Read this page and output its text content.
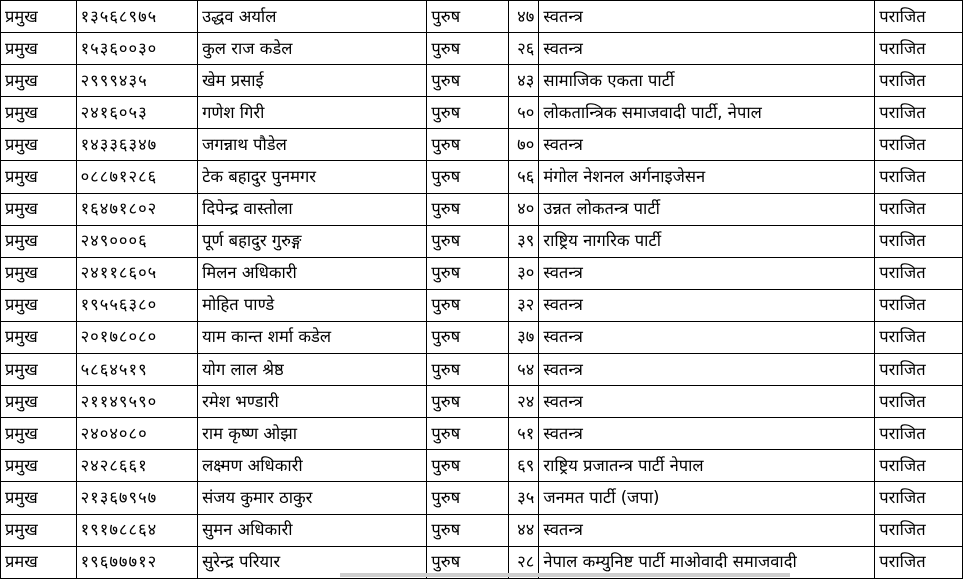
प्रमुख	१३५६८९७५	उद्धव अर्याल	पुरुष	४७	स्वतन्त्र	पराजित
प्रमुख	१५३६००३०	कुल राज कडेल	पुरुष	२६	स्वतन्त्र	पराजित
प्रमुख	२९९९४३५	खेम प्रसाई	पुरुष	४३	सामाजिक एकता पार्टी	पराजित
प्रमुख	२४१६०५३	गणेश गिरी	पुरुष	५०	लोकतान्त्रिक समाजवादी पार्टी, नेपाल	पराजित
प्रमुख	१४३३६३४७	जगन्नाथ पौडेल	पुरुष	७०	स्वतन्त्र	पराजित
प्रमुख	०८८७१२८६	टेक बहादुर पुनमगर	पुरुष	५६	मंगोल नेशनल अर्गनाइजेसन	पराजित
प्रमुख	१६४७१८०२	दिपेन्द्र वास्तोला	पुरुष	४०	उन्नत लोकतन्त्र पार्टी	पराजित
प्रमुख	२४९०००६	पूर्ण बहादुर गुरुङ्ग	पुरुष	३९	राष्ट्रिय नागरिक पार्टी	पराजित
प्रमुख	२४११८६०५	मिलन अधिकारी	पुरुष	३०	स्वतन्त्र	पराजित
प्रमुख	१९५५६३८०	मोहित पाण्डे	पुरुष	३२	स्वतन्त्र	पराजित
प्रमुख	२०१७८०८०	याम कान्त शर्मा कडेल	पुरुष	३७	स्वतन्त्र	पराजित
प्रमुख	५८६४५१९	योग लाल श्रेष्ठ	पुरुष	५४	स्वतन्त्र	पराजित
प्रमुख	२११४९५९०	रमेश भण्डारी	पुरुष	२४	स्वतन्त्र	पराजित
प्रमुख	२४०४०८०	राम कृष्ण ओझा	पुरुष	५१	स्वतन्त्र	पराजित
प्रमुख	२४२८६६१	लक्ष्मण अधिकारी	पुरुष	६९	राष्ट्रिय प्रजातन्त्र पार्टी नेपाल	पराजित
प्रमुख	२१३६७९५७	संजय कुमार ठाकुर	पुरुष	३५	जनमत पार्टी (जपा)	पराजित
प्रमुख	१९१७८८६४	सुमन अधिकारी	पुरुष	४४	स्वतन्त्र	पराजित
प्रमख	१९६७७७१२	सुरेन्द्र परियार	पुरुष	२८	नेपाल कम्युनिष्ट पार्टी माओवादी समाजवादी	पराजित
